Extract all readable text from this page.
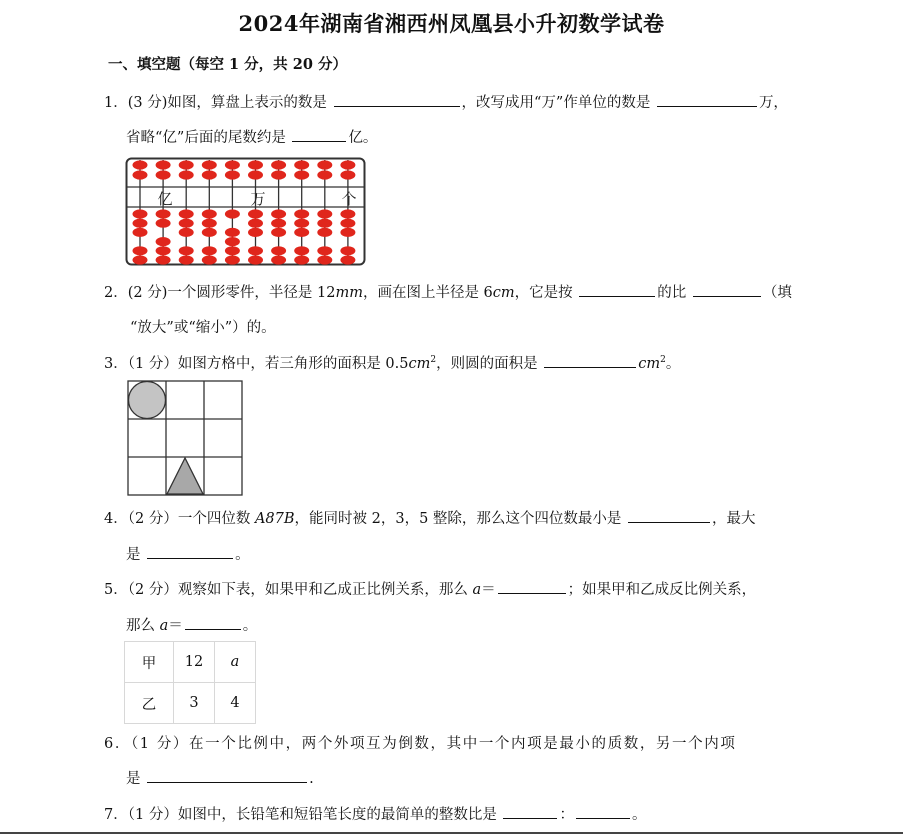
2024年湖南省湘西州凤凰县小升初数学试卷
一、填空题（每空 1 分，共 20 分）
1．(3 分)如图，算盘上表示的数是	，改写成用“万”作单位的数是	万，
省略“亿”后面的尾数约是	亿。
亿	万	个
2．(2 分)一个圆形零件，半径是 12mm，画在图上半径是 6cm，它是按	的比	（填
“放大”或“缩小”）的。
3．（1 分）如图方格中，若三角形的面积是 $0.5cm^2$，则圆的面积是	$cm^2$。
4．（2 分）一个四位数 A87B，能同时被 2，3，5 整除，那么这个四位数最小是	，最大
是	。
5．（2 分）观察如下表，如果甲和乙成正比例关系，那么 a＝	；如果甲和乙成反比例关系，
那么 a＝	。
甲	12	a
乙	3	4
6．（1 分）在一个比例中，两个外项互为倒数，其中一个内项是最小的质数，另一个内项
是	.
7．（1 分）如图中，长铅笔和短铅笔长度的最简单的整数比是	：	。
